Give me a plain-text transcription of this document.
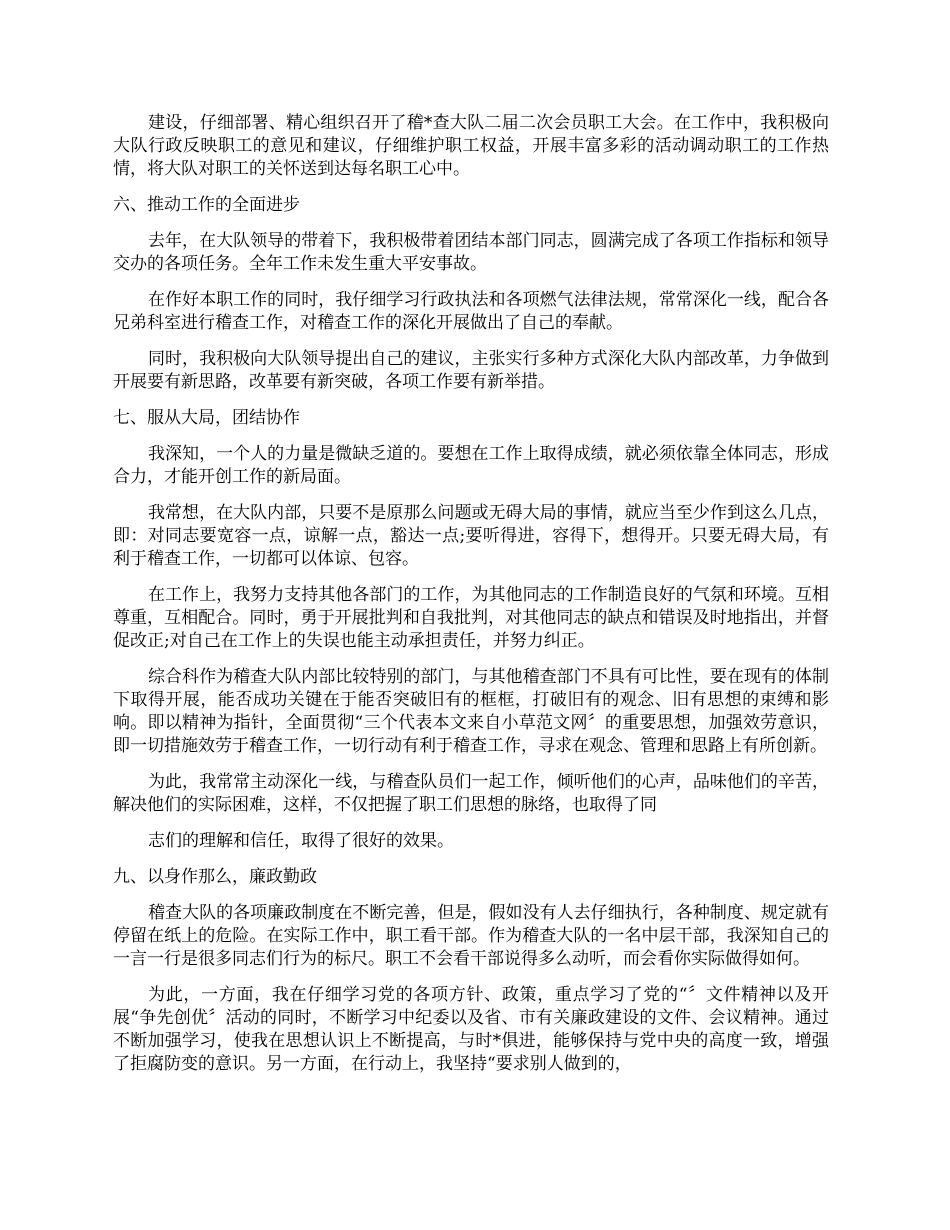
建设，仔细部署、精心组织召开了稽*查大队二届二次会员职工大会。在工作中，我积极向大队行政反映职工的意见和建议，仔细维护职工权益，开展丰富多彩的活动调动职工的工作热情，将大队对职工的关怀送到达每名职工心中。

六、推动工作的全面进步

去年，在大队领导的带着下，我积极带着团结本部门同志，圆满完成了各项工作指标和领导交办的各项任务。全年工作未发生重大平安事故。

在作好本职工作的同时，我仔细学习行政执法和各项燃气法律法规，常常深化一线，配合各兄弟科室进行稽查工作，对稽查工作的深化开展做出了自己的奉献。

同时，我积极向大队领导提出自己的建议，主张实行多种方式深化大队内部改革，力争做到开展要有新思路，改革要有新突破，各项工作要有新举措。

七、服从大局，团结协作

我深知，一个人的力量是微缺乏道的。要想在工作上取得成绩，就必须依靠全体同志，形成合力，才能开创工作的新局面。

我常想，在大队内部，只要不是原那么问题或无碍大局的事情，就应当至少作到这么几点，即：对同志要宽容一点，谅解一点，豁达一点;要听得进，容得下，想得开。只要无碍大局，有利于稽查工作，一切都可以体谅、包容。

在工作上，我努力支持其他各部门的工作，为其他同志的工作制造良好的气氛和环境。互相尊重，互相配合。同时，勇于开展批判和自我批判，对其他同志的缺点和错误及时地指出，并督促改正;对自己在工作上的失误也能主动承担责任，并努力纠正。

综合科作为稽查大队内部比较特别的部门，与其他稽查部门不具有可比性，要在现有的体制下取得开展，能否成功关键在于能否突破旧有的框框，打破旧有的观念、旧有思想的束缚和影响。即以精神为指针，全面贯彻“三个代表本文来自小草范文网〞的重要思想，加强效劳意识，即一切措施效劳于稽查工作，一切行动有利于稽查工作，寻求在观念、管理和思路上有所创新。

为此，我常常主动深化一线，与稽查队员们一起工作，倾听他们的心声，品味他们的辛苦，解决他们的实际困难，这样，不仅把握了职工们思想的脉络，也取得了同

志们的理解和信任，取得了很好的效果。

九、以身作那么，廉政勤政

稽查大队的各项廉政制度在不断完善，但是，假如没有人去仔细执行，各种制度、规定就有停留在纸上的危险。在实际工作中，职工看干部。作为稽查大队的一名中层干部，我深知自己的一言一行是很多同志们行为的标尺。职工不会看干部说得多么动听，而会看你实际做得如何。

为此，一方面，我在仔细学习党的各项方针、政策，重点学习了党的“〞文件精神以及开展“争先创优〞活动的同时，不断学习中纪委以及省、市有关廉政建设的文件、会议精神。通过不断加强学习，使我在思想认识上不断提高，与时*俱进，能够保持与党中央的高度一致，增强了拒腐防变的意识。另一方面，在行动上，我坚持“要求别人做到的，
